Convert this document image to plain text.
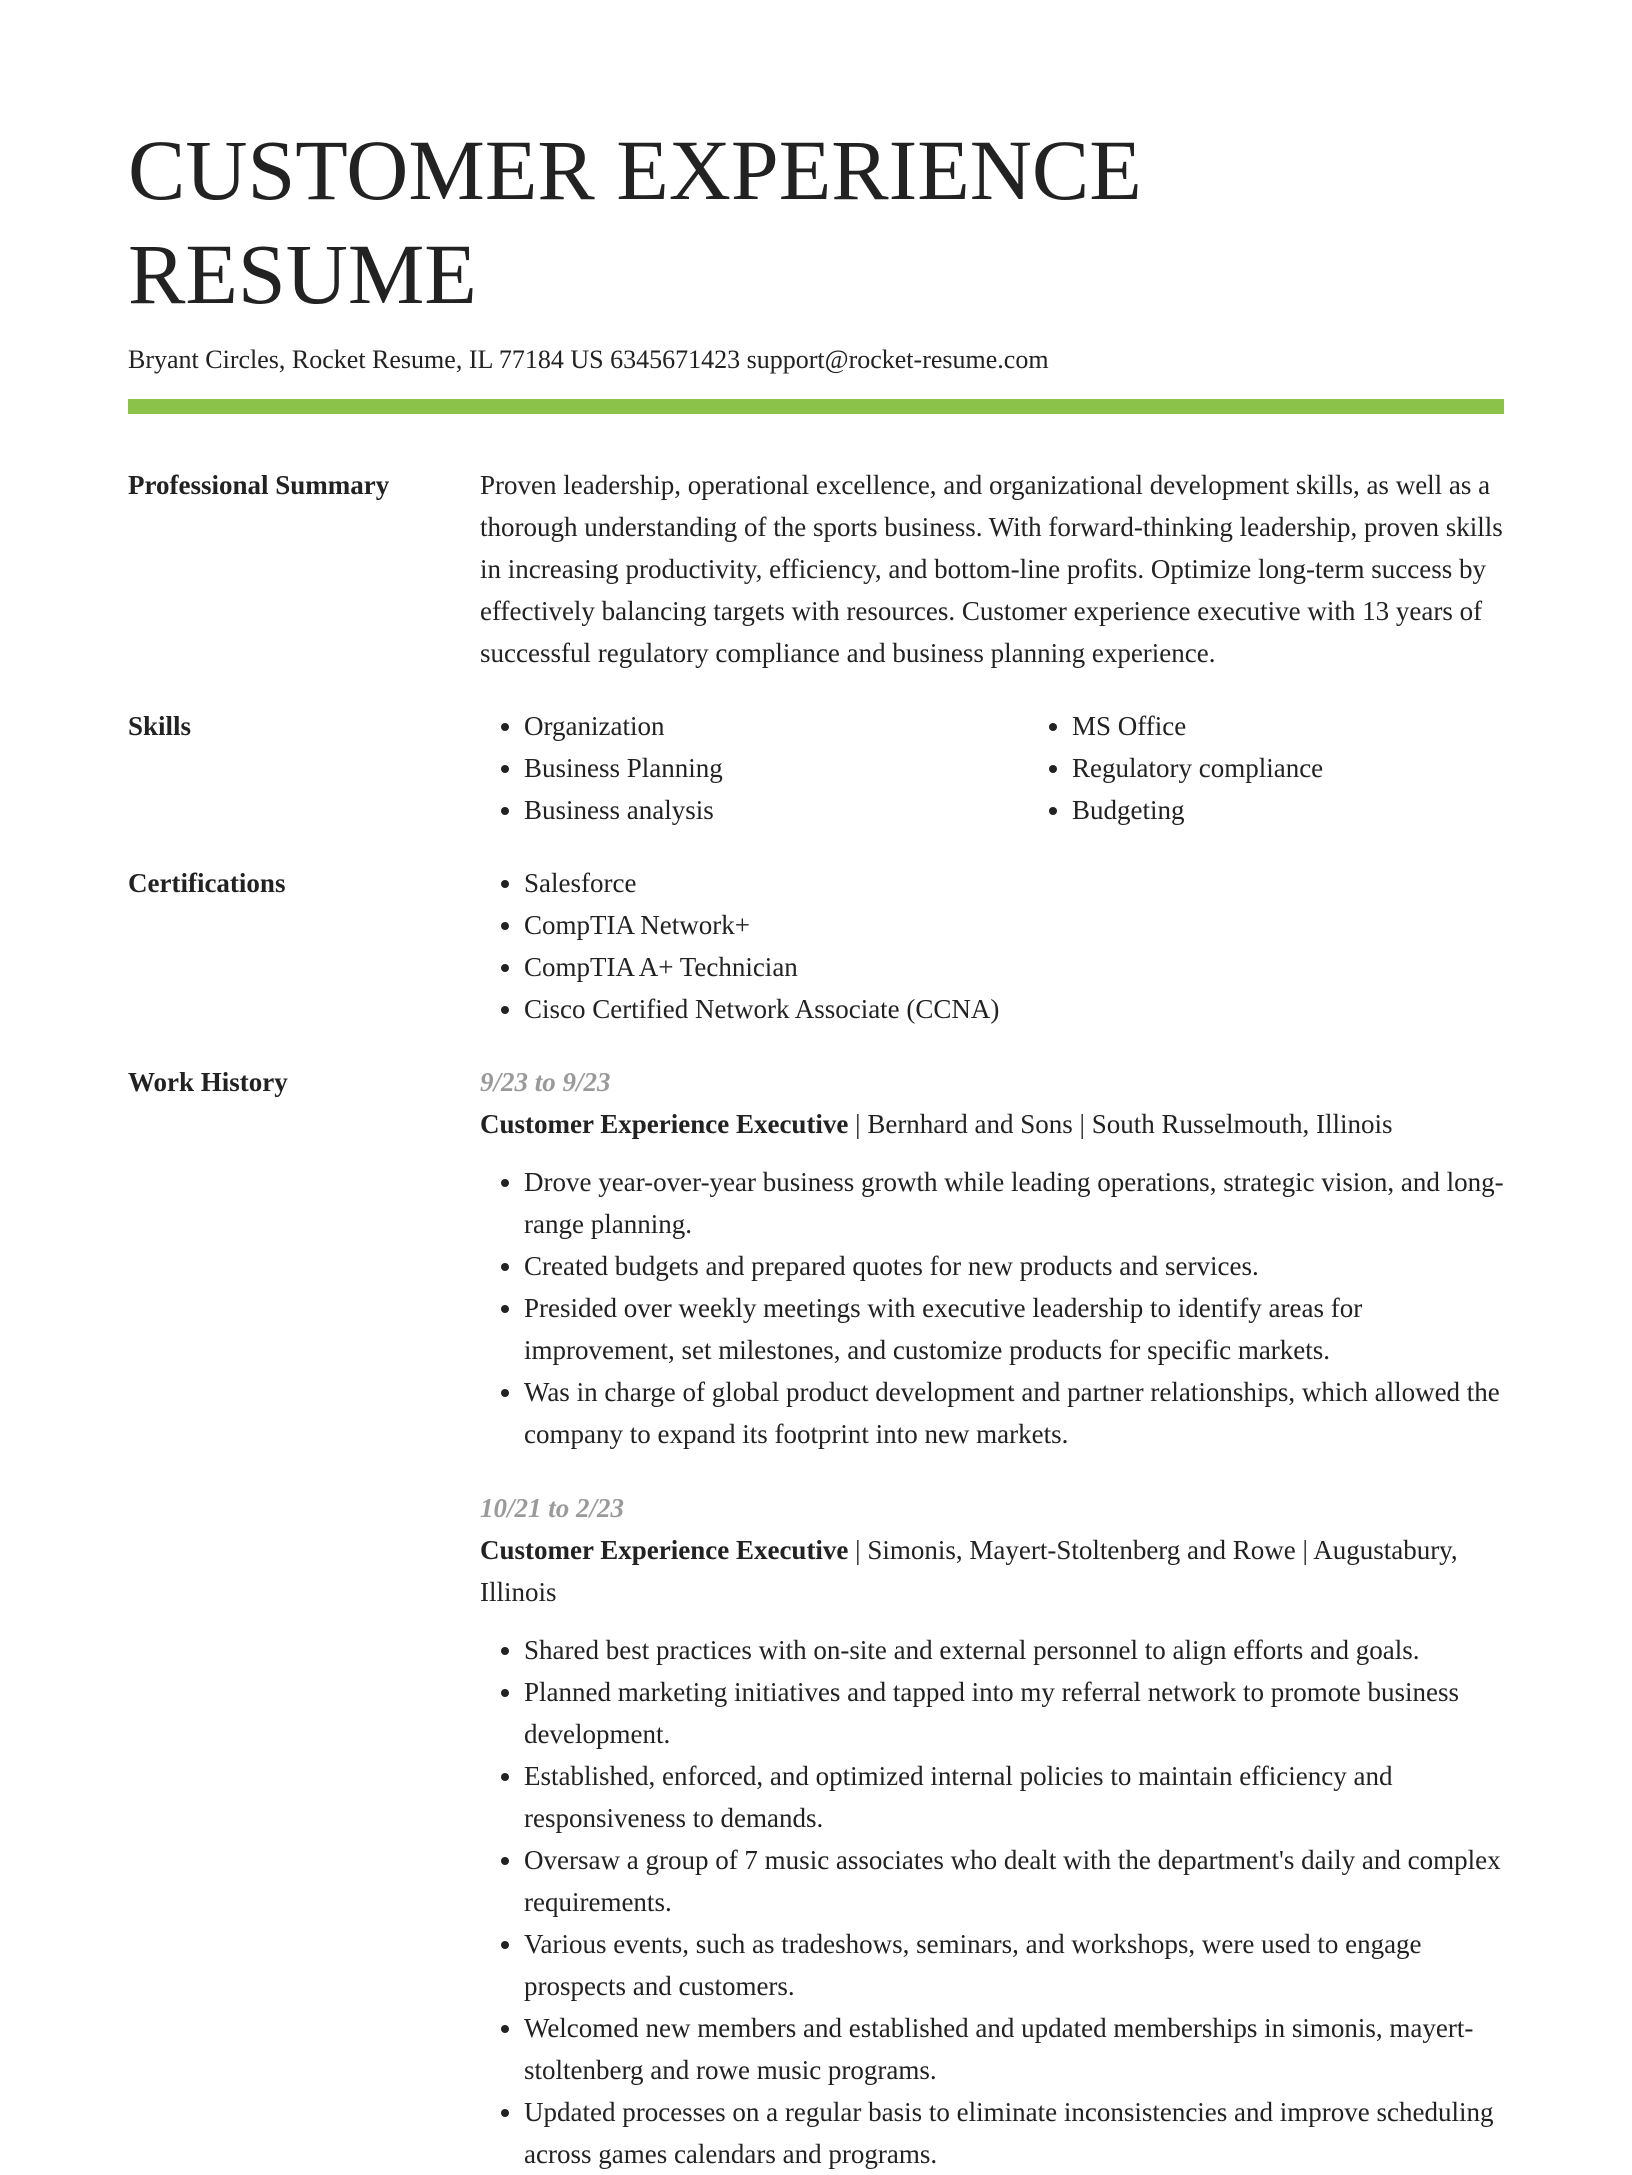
CUSTOMER EXPERIENCE RESUME
Bryant Circles, Rocket Resume, IL 77184 US 6345671423 support@rocket-resume.com
Professional Summary	Proven leadership, operational excellence, and organizational development skills, as well as a thorough understanding of the sports business. With forward-thinking leadership, proven skills in increasing productivity, efficiency, and bottom-line profits. Optimize long-term success by effectively balancing targets with resources. Customer experience executive with 13 years of successful regulatory compliance and business planning experience.

Skills	• Organization
• Business Planning
• Business analysis
• MS Office
• Regulatory compliance
• Budgeting
Certifications	• Salesforce
• CompTIA Network+
• CompTIA A+ Technician
• Cisco Certified Network Associate (CCNA)
Work History	9/23 to 9/23
Customer Experience Executive | Bernhard and Sons | South Russelmouth, Illinois
• Drove year-over-year business growth while leading operations, strategic vision, and long-range planning.
• Created budgets and prepared quotes for new products and services.
• Presided over weekly meetings with executive leadership to identify areas for improvement, set milestones, and customize products for specific markets.
• Was in charge of global product development and partner relationships, which allowed the company to expand its footprint into new markets.
10/21 to 2/23
Customer Experience Executive | Simonis, Mayert-Stoltenberg and Rowe | Augustabury, Illinois
• Shared best practices with on-site and external personnel to align efforts and goals.
• Planned marketing initiatives and tapped into my referral network to promote business development.
• Established, enforced, and optimized internal policies to maintain efficiency and responsiveness to demands.
• Oversaw a group of 7 music associates who dealt with the department's daily and complex requirements.
• Various events, such as tradeshows, seminars, and workshops, were used to engage prospects and customers.
• Welcomed new members and established and updated memberships in simonis, mayert-stoltenberg and rowe music programs.
• Updated processes on a regular basis to eliminate inconsistencies and improve scheduling across games calendars and programs.
